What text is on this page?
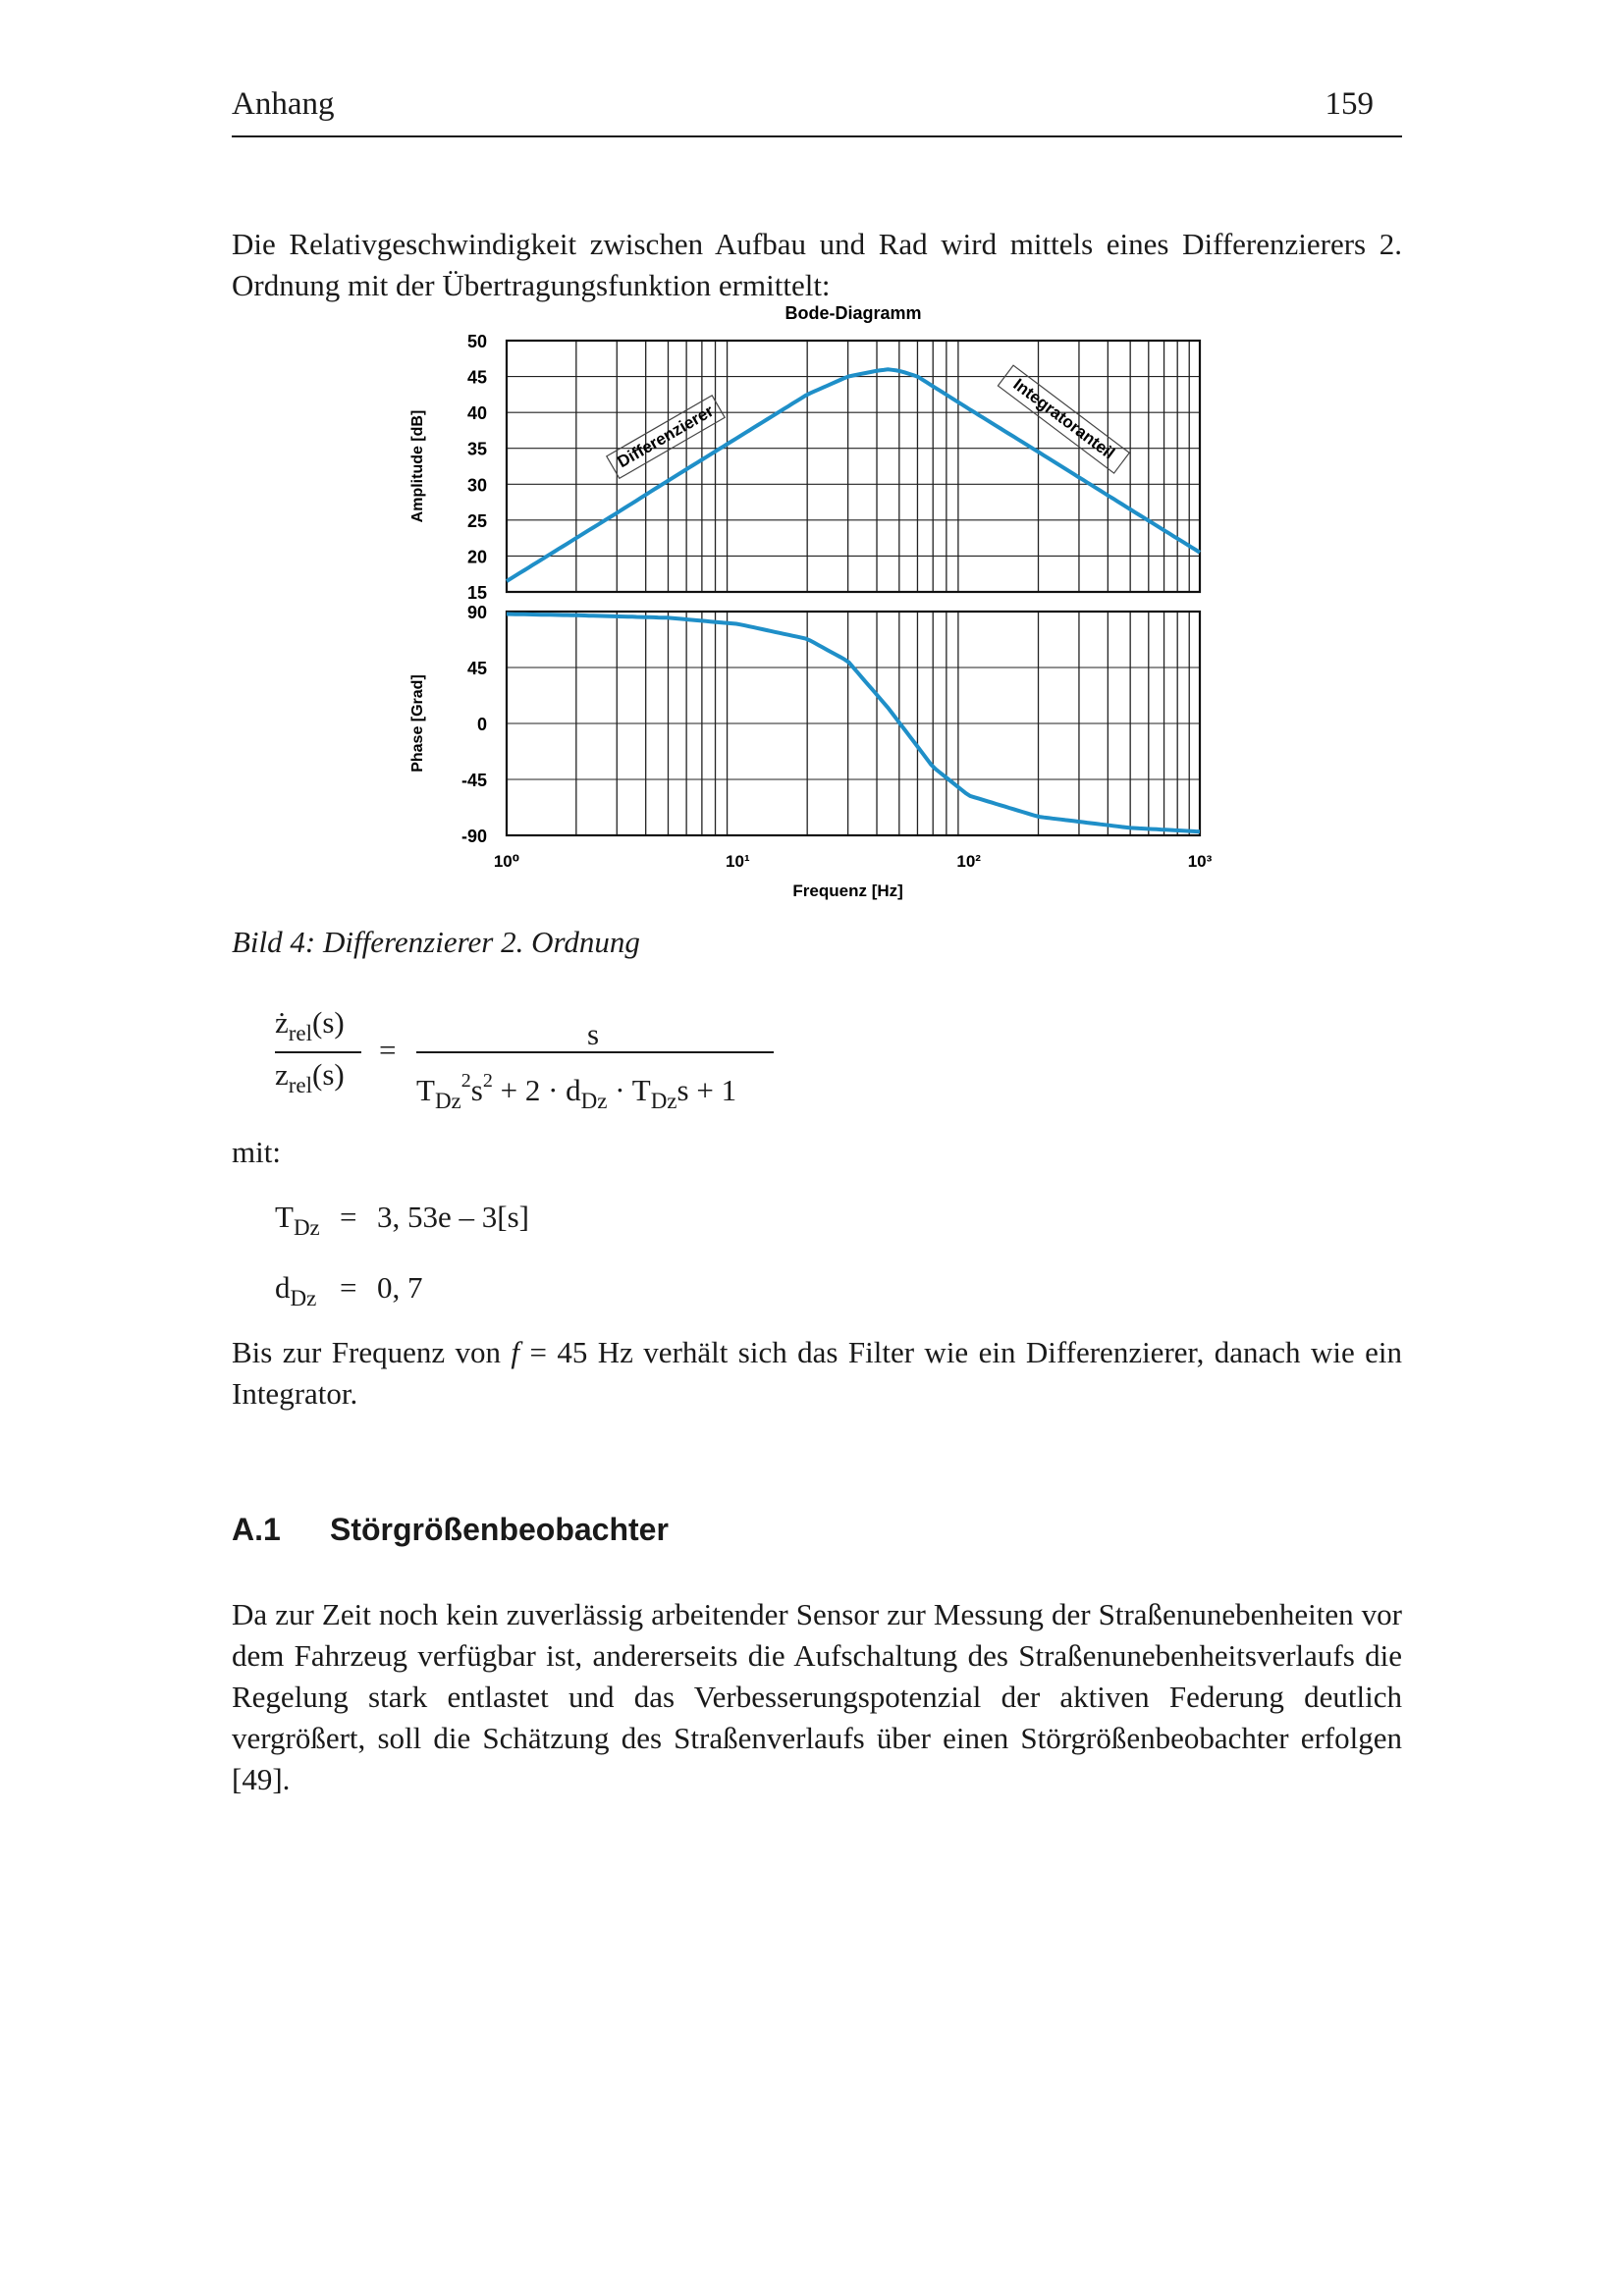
Anhang	159
Die Relativgeschwindigkeit zwischen Aufbau und Rad wird mittels eines Differenzierers 2. Ordnung mit der Übertragungsfunktion ermittelt:
Bode-Diagramm
50
45
40
35
30
25
20
15
Amplitude [dB]	Differenzierer	Integratoranteil
90
45
0
-45
-90
Phase [Grad]
10⁰	10¹	10²	10³
Frequenz [Hz]
Bild 4: Differenzierer 2. Ordnung
$ż_{rel}(s)$
$z_{rel}(s)$
=	s
$T_{Dz}^2s^2 + 2 \cdot d_{Dz} \cdot T_{Dz}s + 1$
mit:
$T_{Dz} = 3$, 53e – 3[s]
$d_{Dz} = 0$, 7
Bis zur Frequenz von f = 45 Hz verhält sich das Filter wie ein Differenzierer, danach wie ein Integrator.
A.1 Störgrößenbeobachter
Da zur Zeit noch kein zuverlässig arbeitender Sensor zur Messung der Straßenunebenheiten vor dem Fahrzeug verfügbar ist, andererseits die Aufschaltung des Straßenunebenheitsverlaufs die Regelung stark entlastet und das Verbesserungspotenzial der aktiven Federung deutlich vergrößert, soll die Schätzung des Straßenverlaufs über einen Störgrößenbeobachter erfolgen [49].
